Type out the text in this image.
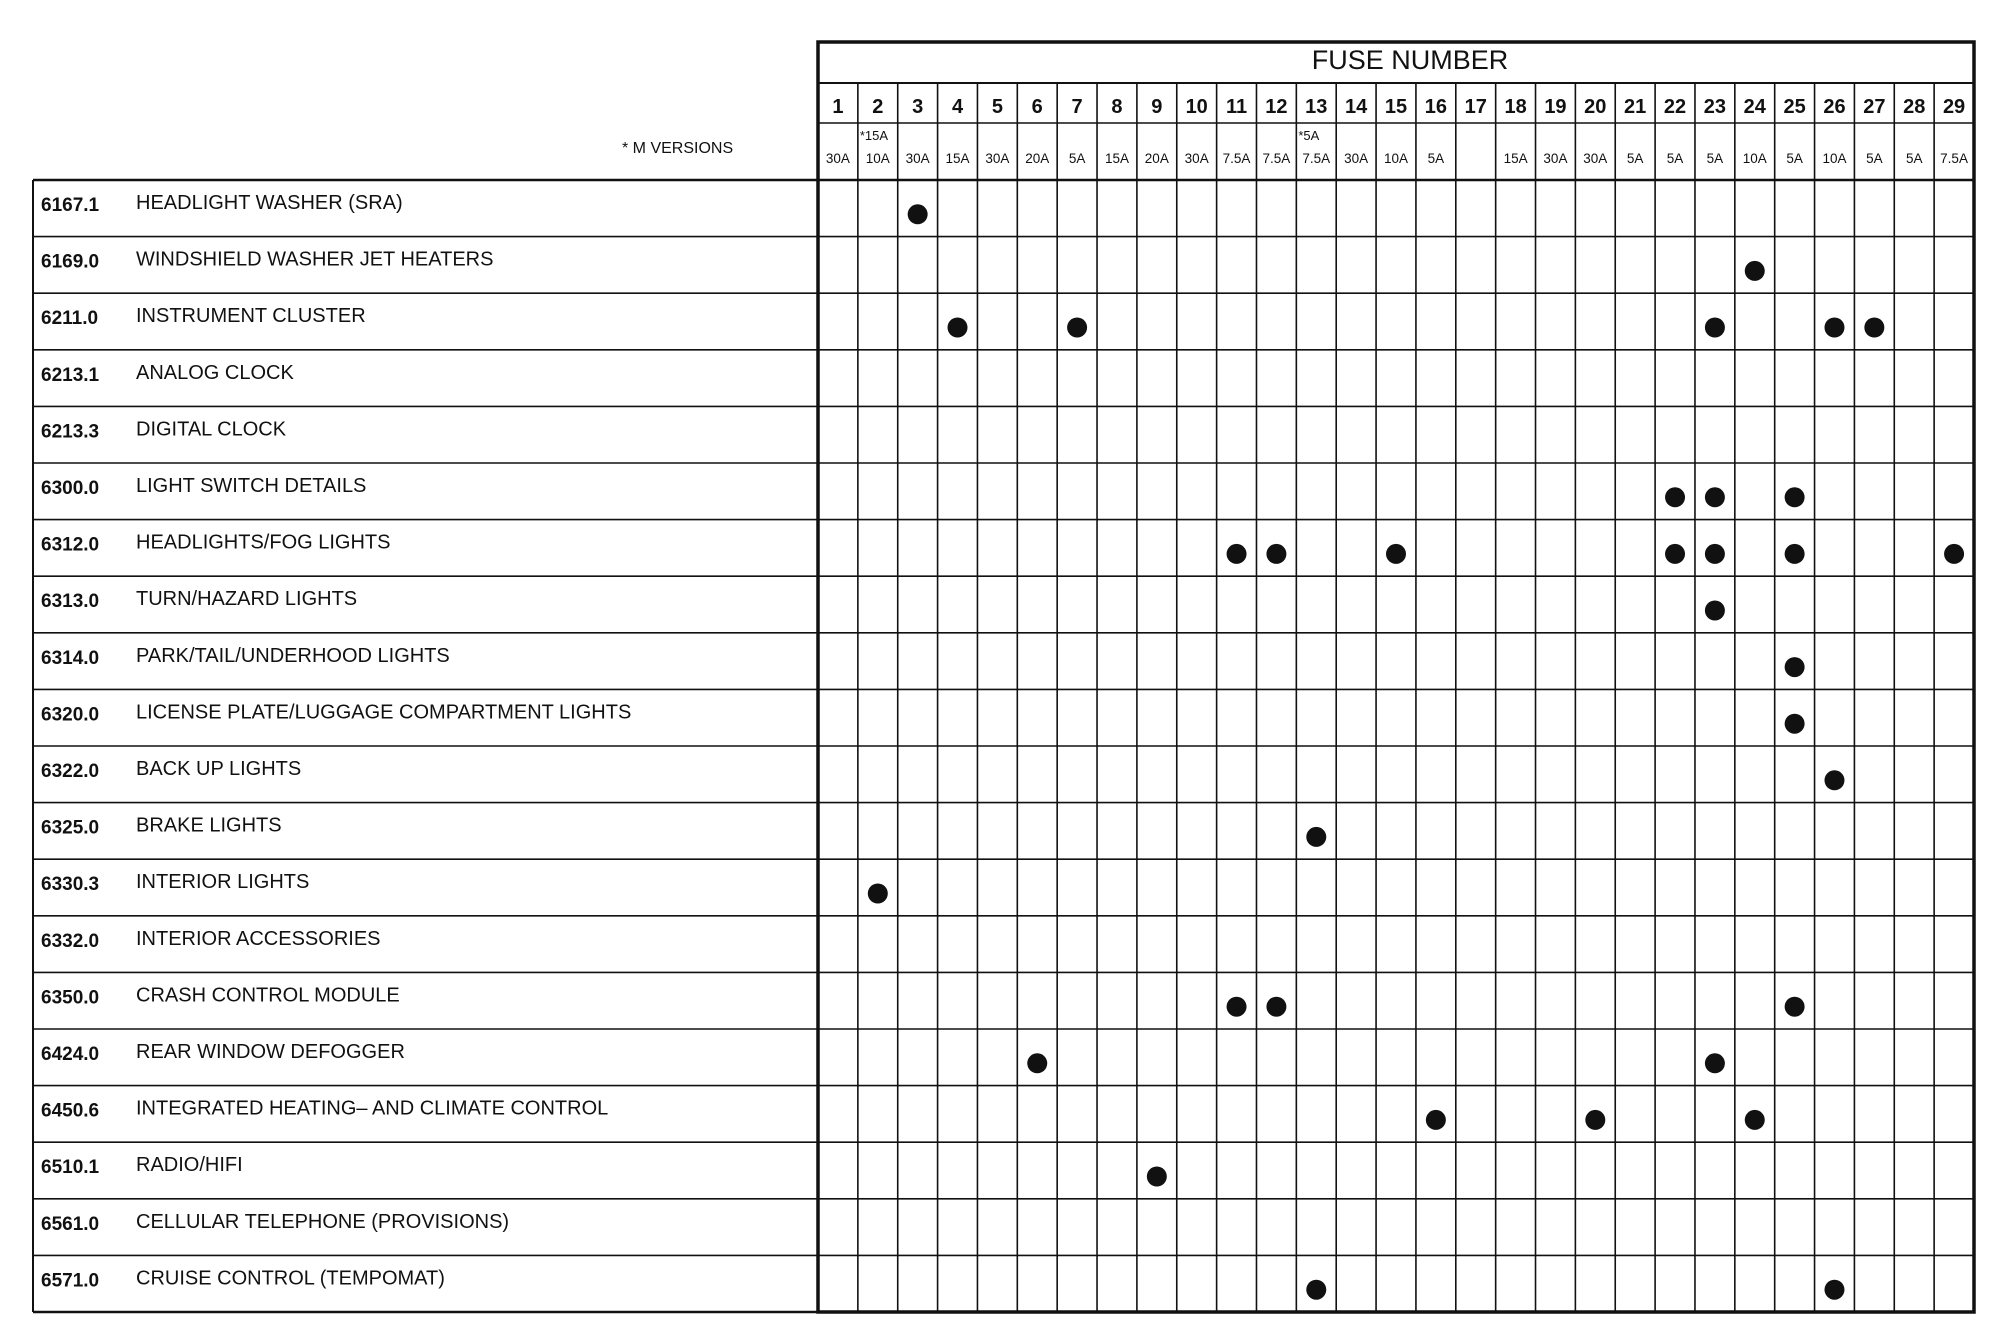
FUSE NUMBER
* M VERSIONS
1
30A
2
*15A
10A
3
30A
4
15A
5
30A
6
20A
7
5A
8
15A
9
20A
10
30A
11
7.5A
12
7.5A
13
*5A
7.5A
14
30A
15
10A
16
5A
17 18
15A
19
30A
20
30A
21
5A
22
5A
23
5A
24
10A
25
5A
26
10A
27
5A
28
5A
29
7.5A
6167.1 HEADLIGHT WASHER (SRA)
6169.0 WINDSHIELD WASHER JET HEATERS
6211.0 INSTRUMENT CLUSTER
6213.1 ANALOG CLOCK
6213.3 DIGITAL CLOCK
6300.0 LIGHT SWITCH DETAILS
6312.0 HEADLIGHTS/FOG LIGHTS
6313.0 TURN/HAZARD LIGHTS
6314.0 PARK/TAIL/UNDERHOOD LIGHTS
6320.0 LICENSE PLATE/LUGGAGE COMPARTMENT LIGHTS
6322.0 BACK UP LIGHTS
6325.0 BRAKE LIGHTS
6330.3 INTERIOR LIGHTS
6332.0 INTERIOR ACCESSORIES
6350.0 CRASH CONTROL MODULE
6424.0 REAR WINDOW DEFOGGER
6450.6 INTEGRATED HEATING– AND CLIMATE CONTROL
6510.1 RADIO/HIFI
6561.0 CELLULAR TELEPHONE (PROVISIONS)
6571.0 CRUISE CONTROL (TEMPOMAT)
